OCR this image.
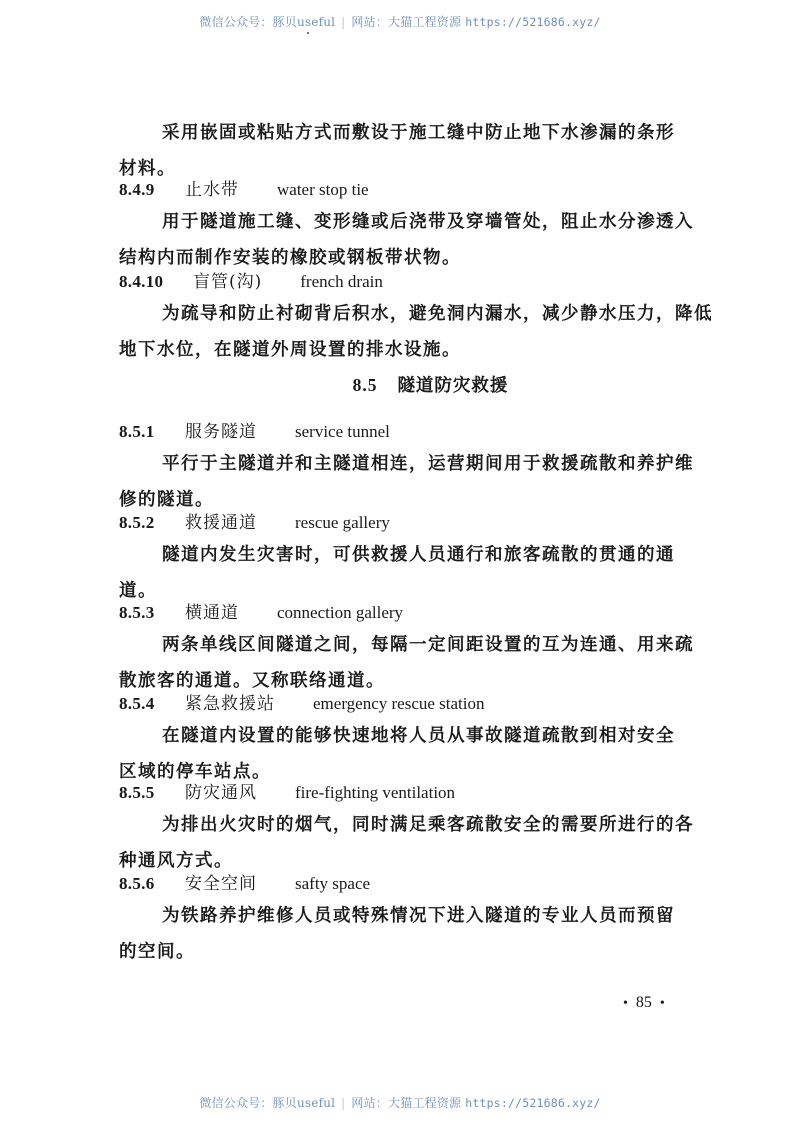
微信公众号：豚贝useful | 网站：大猫工程资源 https://521686.xyz/
采用嵌固或粘贴方式而敷设于施工缝中防止地下水渗漏的条形
材料。
8.4.9	止水带 water stop tie
用于隧道施工缝、变形缝或后浇带及穿墙管处，阻止水分渗透入
结构内而制作安装的橡胶或钢板带状物。
8.4.10	盲管(沟) french drain
为疏导和防止衬砌背后积水，避免洞内漏水，减少静水压力，降低
地下水位，在隧道外周设置的排水设施。
8.5 隧道防灾救援
8.5.1	服务隧道 service tunnel
平行于主隧道并和主隧道相连，运营期间用于救援疏散和养护维
修的隧道。
8.5.2	救援通道 rescue gallery
隧道内发生灾害时，可供救援人员通行和旅客疏散的贯通的通
道。
8.5.3	横通道 connection gallery
两条单线区间隧道之间，每隔一定间距设置的互为连通、用来疏
散旅客的通道。又称联络通道。
8.5.4	紧急救援站 emergency rescue station
在隧道内设置的能够快速地将人员从事故隧道疏散到相对安全
区域的停车站点。
8.5.5	防灾通风 fire-fighting ventilation
为排出火灾时的烟气，同时满足乘客疏散安全的需要所进行的各
种通风方式。
8.5.6	安全空间 safty space
为铁路养护维修人员或特殊情况下进入隧道的专业人员而预留
的空间。
• 85 •
微信公众号：豚贝useful | 网站：大猫工程资源 https://521686.xyz/
